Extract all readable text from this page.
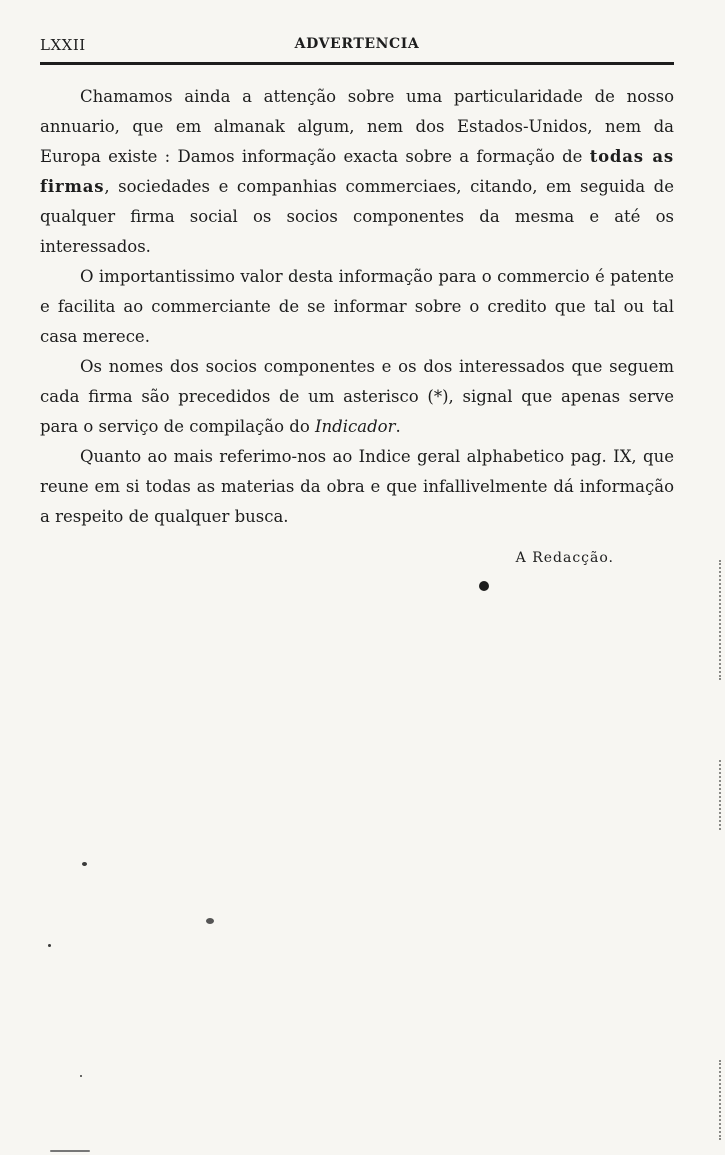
LXXII	ADVERTENCIA

Chamamos ainda a attenção sobre uma particularidade de nosso annuario, que em almanak algum, nem dos Estados-Unidos, nem da Europa existe : Damos informação exacta sobre a formação de todas as firmas, sociedades e companhias commerciaes, citando, em seguida de qualquer firma social os socios componentes da mesma e até os interessados.

O importantissimo valor desta informação para o commercio é patente e facilita ao commerciante de se informar sobre o credito que tal ou tal casa merece.

Os nomes dos socios componentes e os dos interessados que seguem cada firma são precedidos de um asterisco (*), signal que apenas serve para o serviço de compilação do Indicador.

Quanto ao mais referimo-nos ao Indice geral alphabetico pag. IX, que reune em si todas as materias da obra e que infallivelmente dá informação a respeito de qualquer busca.

A Redacção.
